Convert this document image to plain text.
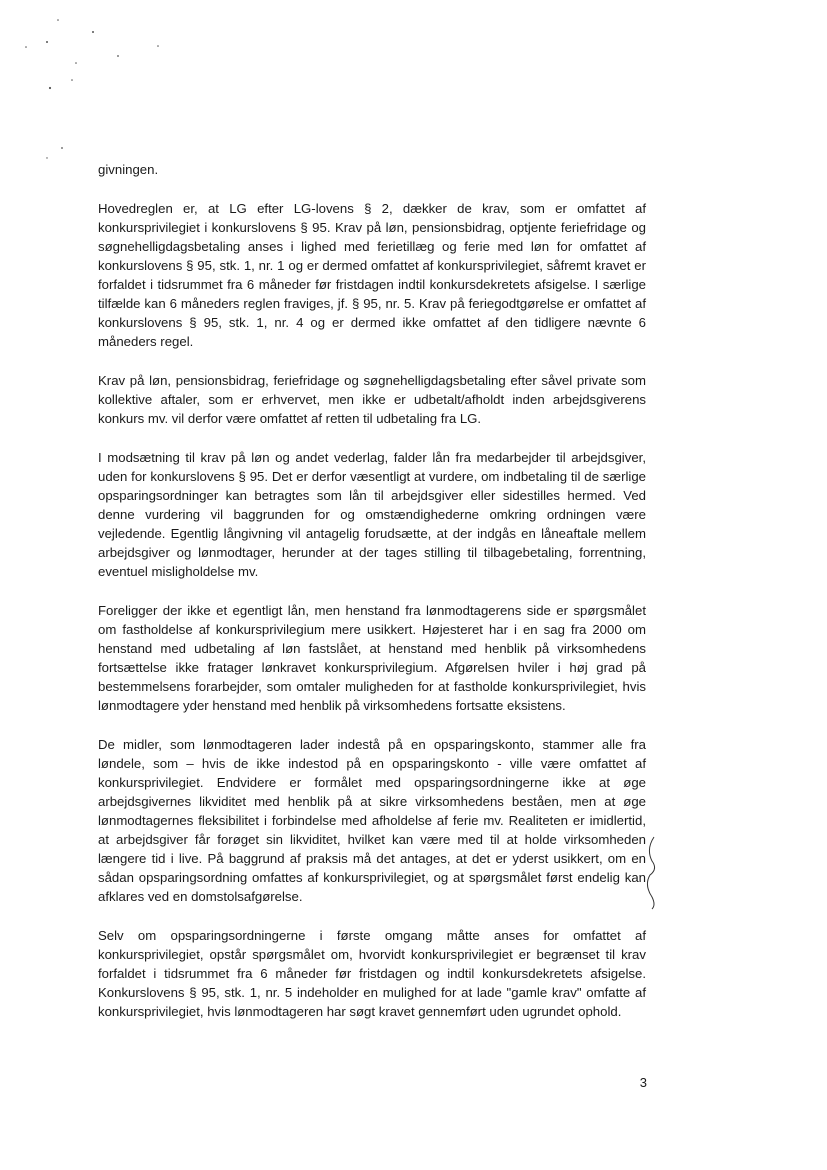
givningen.

Hovedreglen er, at LG efter LG-lovens § 2, dækker de krav, som er omfattet af konkursprivilegiet i konkurslovens § 95. Krav på løn, pensionsbidrag, optjente feriefridage og søgnehelligdagsbetaling anses i lighed med ferietillæg og ferie med løn for omfattet af konkurslovens § 95, stk. 1, nr. 1 og er dermed omfattet af konkursprivilegiet, såfremt kravet er forfaldet i tidsrummet fra 6 måneder før fristdagen indtil konkursdekretets afsigelse. I særlige tilfælde kan 6 måneders reglen fraviges, jf. § 95, nr. 5. Krav på feriegodtgørelse er omfattet af konkurslovens § 95, stk. 1, nr. 4 og er dermed ikke omfattet af den tidligere nævnte 6 måneders regel.

Krav på løn, pensionsbidrag, feriefridage og søgnehelligdagsbetaling efter såvel private som kollektive aftaler, som er erhvervet, men ikke er udbetalt/afholdt inden arbejdsgiverens konkurs mv. vil derfor være omfattet af retten til udbetaling fra LG.

I modsætning til krav på løn og andet vederlag, falder lån fra medarbejder til arbejdsgiver, uden for konkurslovens § 95. Det er derfor væsentligt at vurdere, om indbetaling til de særlige opsparingsordninger kan betragtes som lån til arbejdsgiver eller sidestilles hermed. Ved denne vurdering vil baggrunden for og omstændighederne omkring ordningen være vejledende. Egentlig långivning vil antagelig forudsætte, at der indgås en låneaftale mellem arbejdsgiver og lønmodtager, herunder at der tages stilling til tilbagebetaling, forrentning, eventuel misligholdelse mv.

Foreligger der ikke et egentligt lån, men henstand fra lønmodtagerens side er spørgsmålet om fastholdelse af konkursprivilegium mere usikkert. Højesteret har i en sag fra 2000 om henstand med udbetaling af løn fastslået, at henstand med henblik på virksomhedens fortsættelse ikke fratager lønkravet konkursprivilegium. Afgørelsen hviler i høj grad på bestemmelsens forarbejder, som omtaler muligheden for at fastholde konkursprivilegiet, hvis lønmodtagere yder henstand med henblik på virksomhedens fortsatte eksistens.

De midler, som lønmodtageren lader indestå på en opsparingskonto, stammer alle fra løndele, som – hvis de ikke indestod på en opsparingskonto - ville være omfattet af konkursprivilegiet. Endvidere er formålet med opsparingsordningerne ikke at øge arbejdsgivernes likviditet med henblik på at sikre virksomhedens beståen, men at øge lønmodtagernes fleksibilitet i forbindelse med afholdelse af ferie mv. Realiteten er imidlertid, at arbejdsgiver får forøget sin likviditet, hvilket kan være med til at holde virksomheden længere tid i live. På baggrund af praksis må det antages, at det er yderst usikkert, om en sådan opsparingsordning omfattes af konkursprivilegiet, og at spørgsmålet først endelig kan afklares ved en domstolsafgørelse.

Selv om opsparingsordningerne i første omgang måtte anses for omfattet af konkursprivilegiet, opstår spørgsmålet om, hvorvidt konkursprivilegiet er begrænset til krav forfaldet i tidsrummet fra 6 måneder før fristdagen og indtil konkursdekretets afsigelse. Konkurslovens § 95, stk. 1, nr. 5 indeholder en mulighed for at lade "gamle krav" omfatte af konkursprivilegiet, hvis lønmodtageren har søgt kravet gennemført uden ugrundet ophold.

3
